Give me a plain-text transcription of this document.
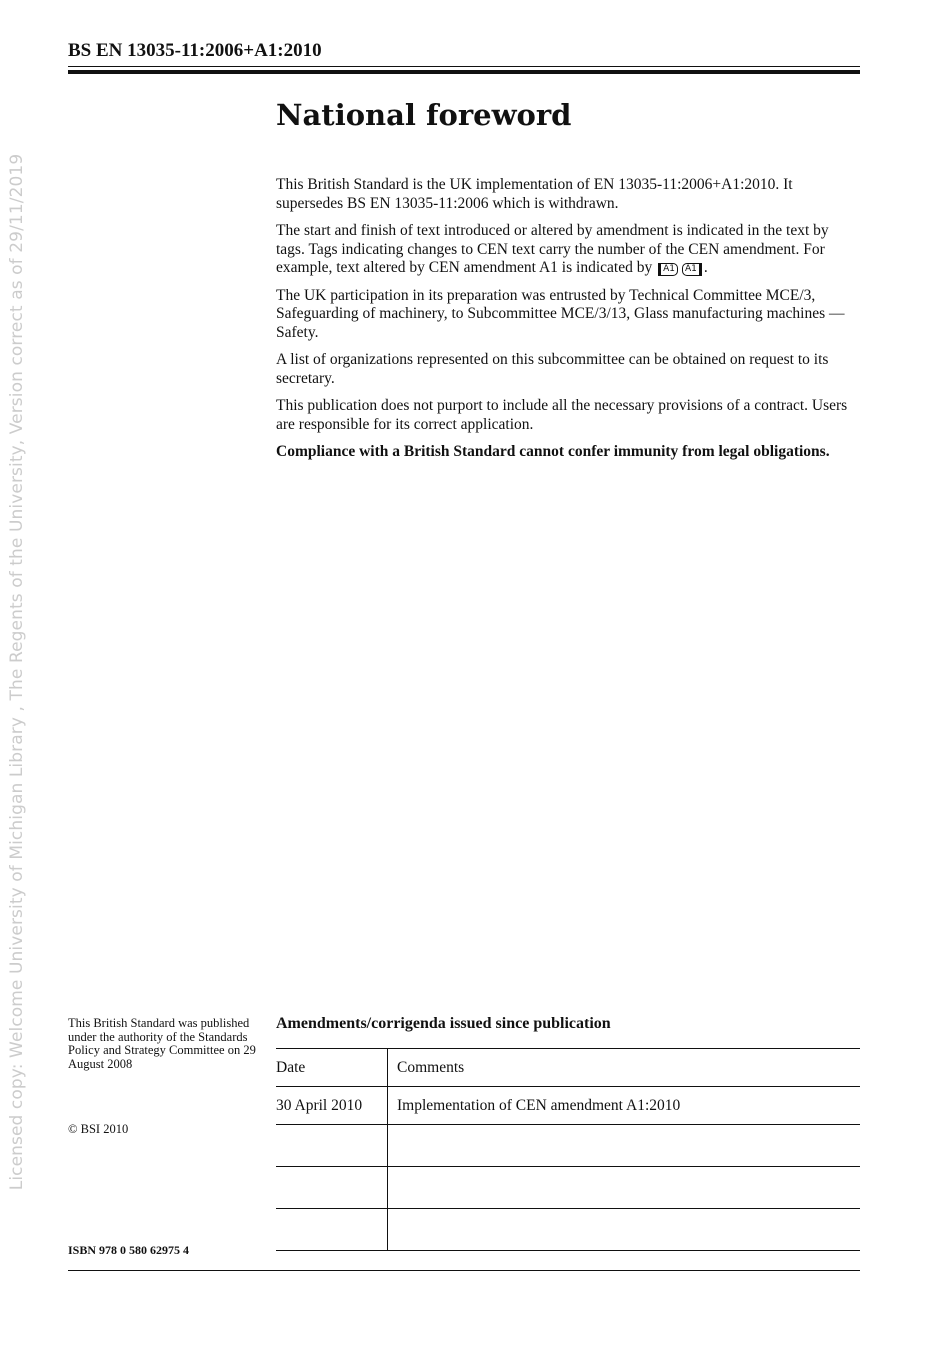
BS EN 13035-11:2006+A1:2010
Licensed copy: Welcome University of Michigan Library , The Regents of the University, Version correct as of 29/11/2019
National foreword

This British Standard is the UK implementation of EN 13035-11:2006+A1:2010. It supersedes BS EN 13035-11:2006 which is withdrawn.

The start and finish of text introduced or altered by amendment is indicated in the text by tags. Tags indicating changes to CEN text carry the number of the CEN amendment. For example, text altered by CEN amendment A1 is indicated by A1 A1 .

The UK participation in its preparation was entrusted by Technical Committee MCE/3, Safeguarding of machinery, to Subcommittee MCE/3/13, Glass manufacturing machines — Safety.

A list of organizations represented on this subcommittee can be obtained on request to its secretary.

This publication does not purport to include all the necessary provisions of a contract. Users are responsible for its correct application.

Compliance with a British Standard cannot confer immunity from legal obligations.

This British Standard was published under the authority of the Standards Policy and Strategy Committee on 29 August 2008
© BSI 2010
ISBN 978 0 580 62975 4
Amendments/corrigenda issued since publication
Date	Comments
30 April 2010	Implementation of CEN amendment A1:2010
